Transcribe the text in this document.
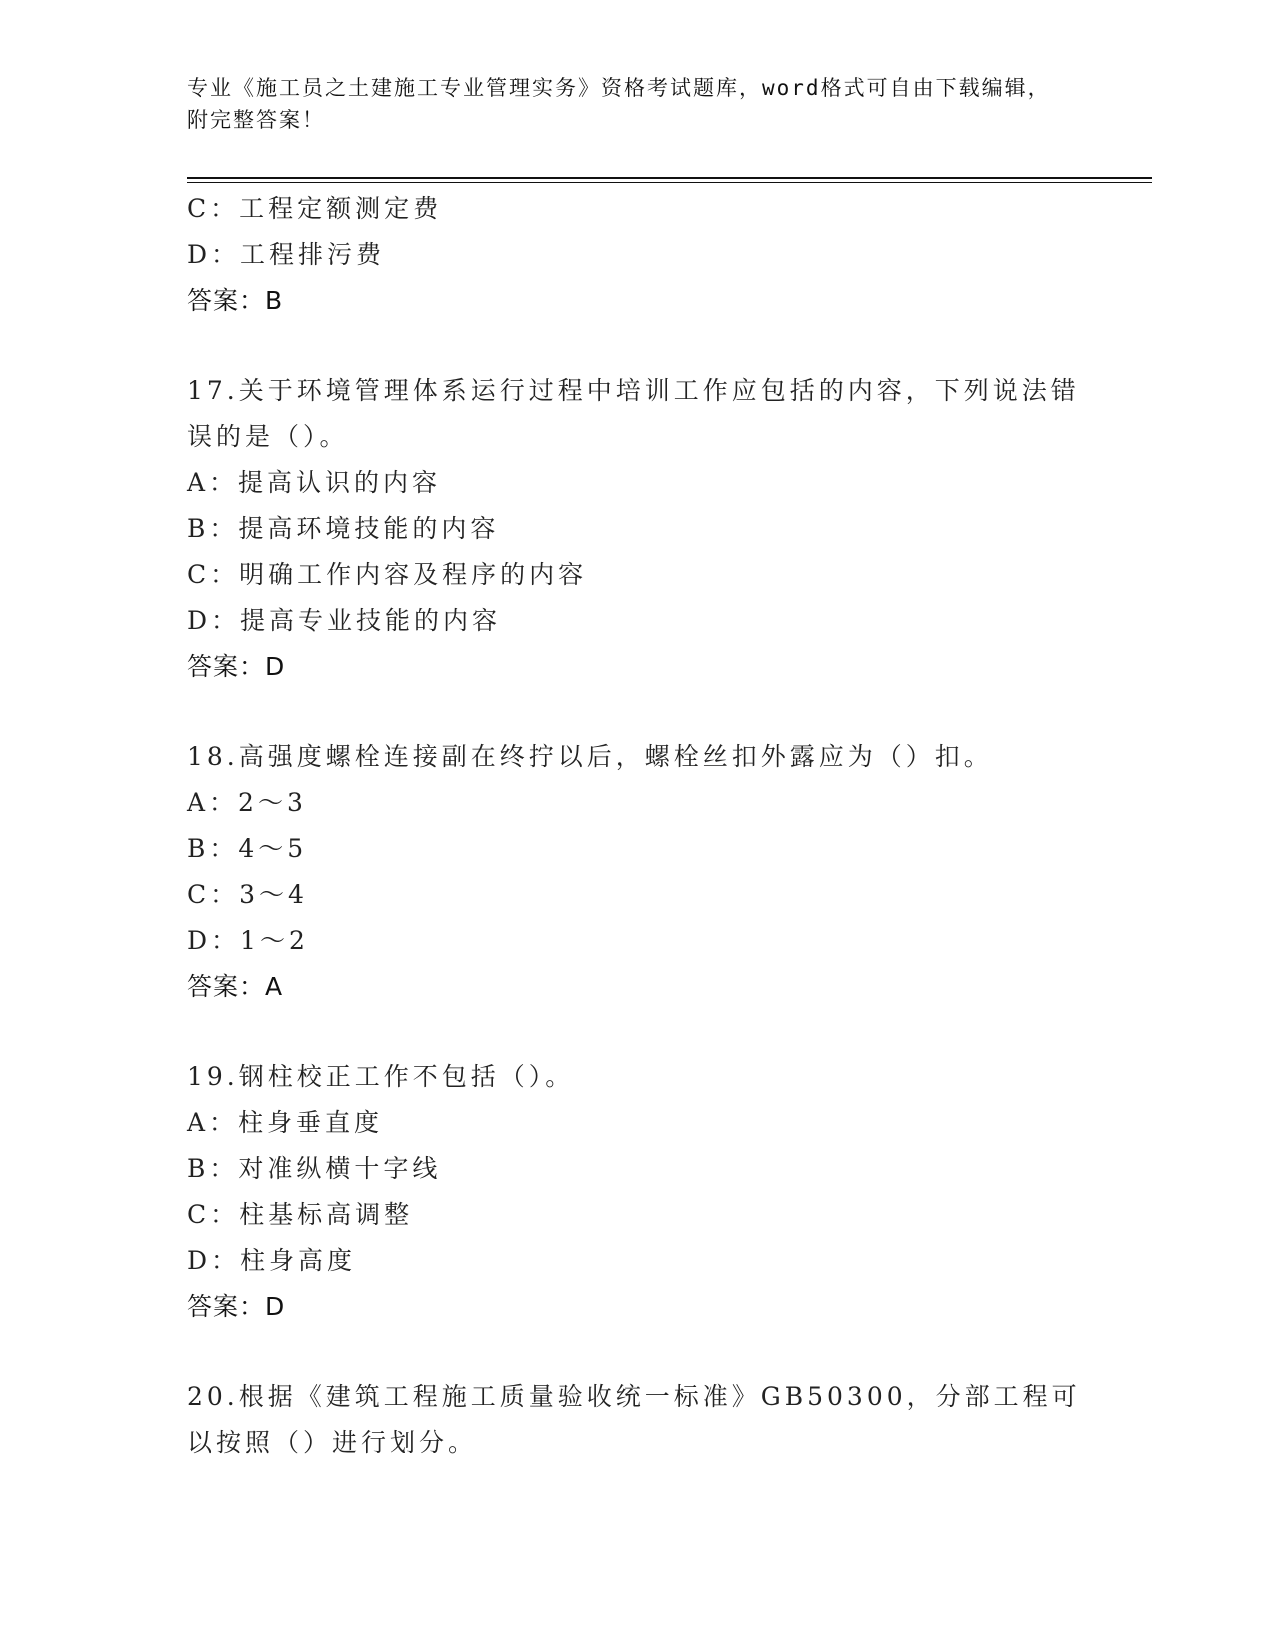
专业《施工员之土建施工专业管理实务》资格考试题库，word格式可自由下载编辑，附完整答案！
C：工程定额测定费
D：工程排污费
答案：B
17.关于环境管理体系运行过程中培训工作应包括的内容，下列说法错误的是（）。
A：提高认识的内容
B：提高环境技能的内容
C：明确工作内容及程序的内容
D：提高专业技能的内容
答案：D
18.高强度螺栓连接副在终拧以后，螺栓丝扣外露应为（）扣。
A：2～3
B：4～5
C：3～4
D：1～2
答案：A
19.钢柱校正工作不包括（）。
A：柱身垂直度
B：对准纵横十字线
C：柱基标高调整
D：柱身高度
答案：D
20.根据《建筑工程施工质量验收统一标准》GB50300，分部工程可以按照（）进行划分。
